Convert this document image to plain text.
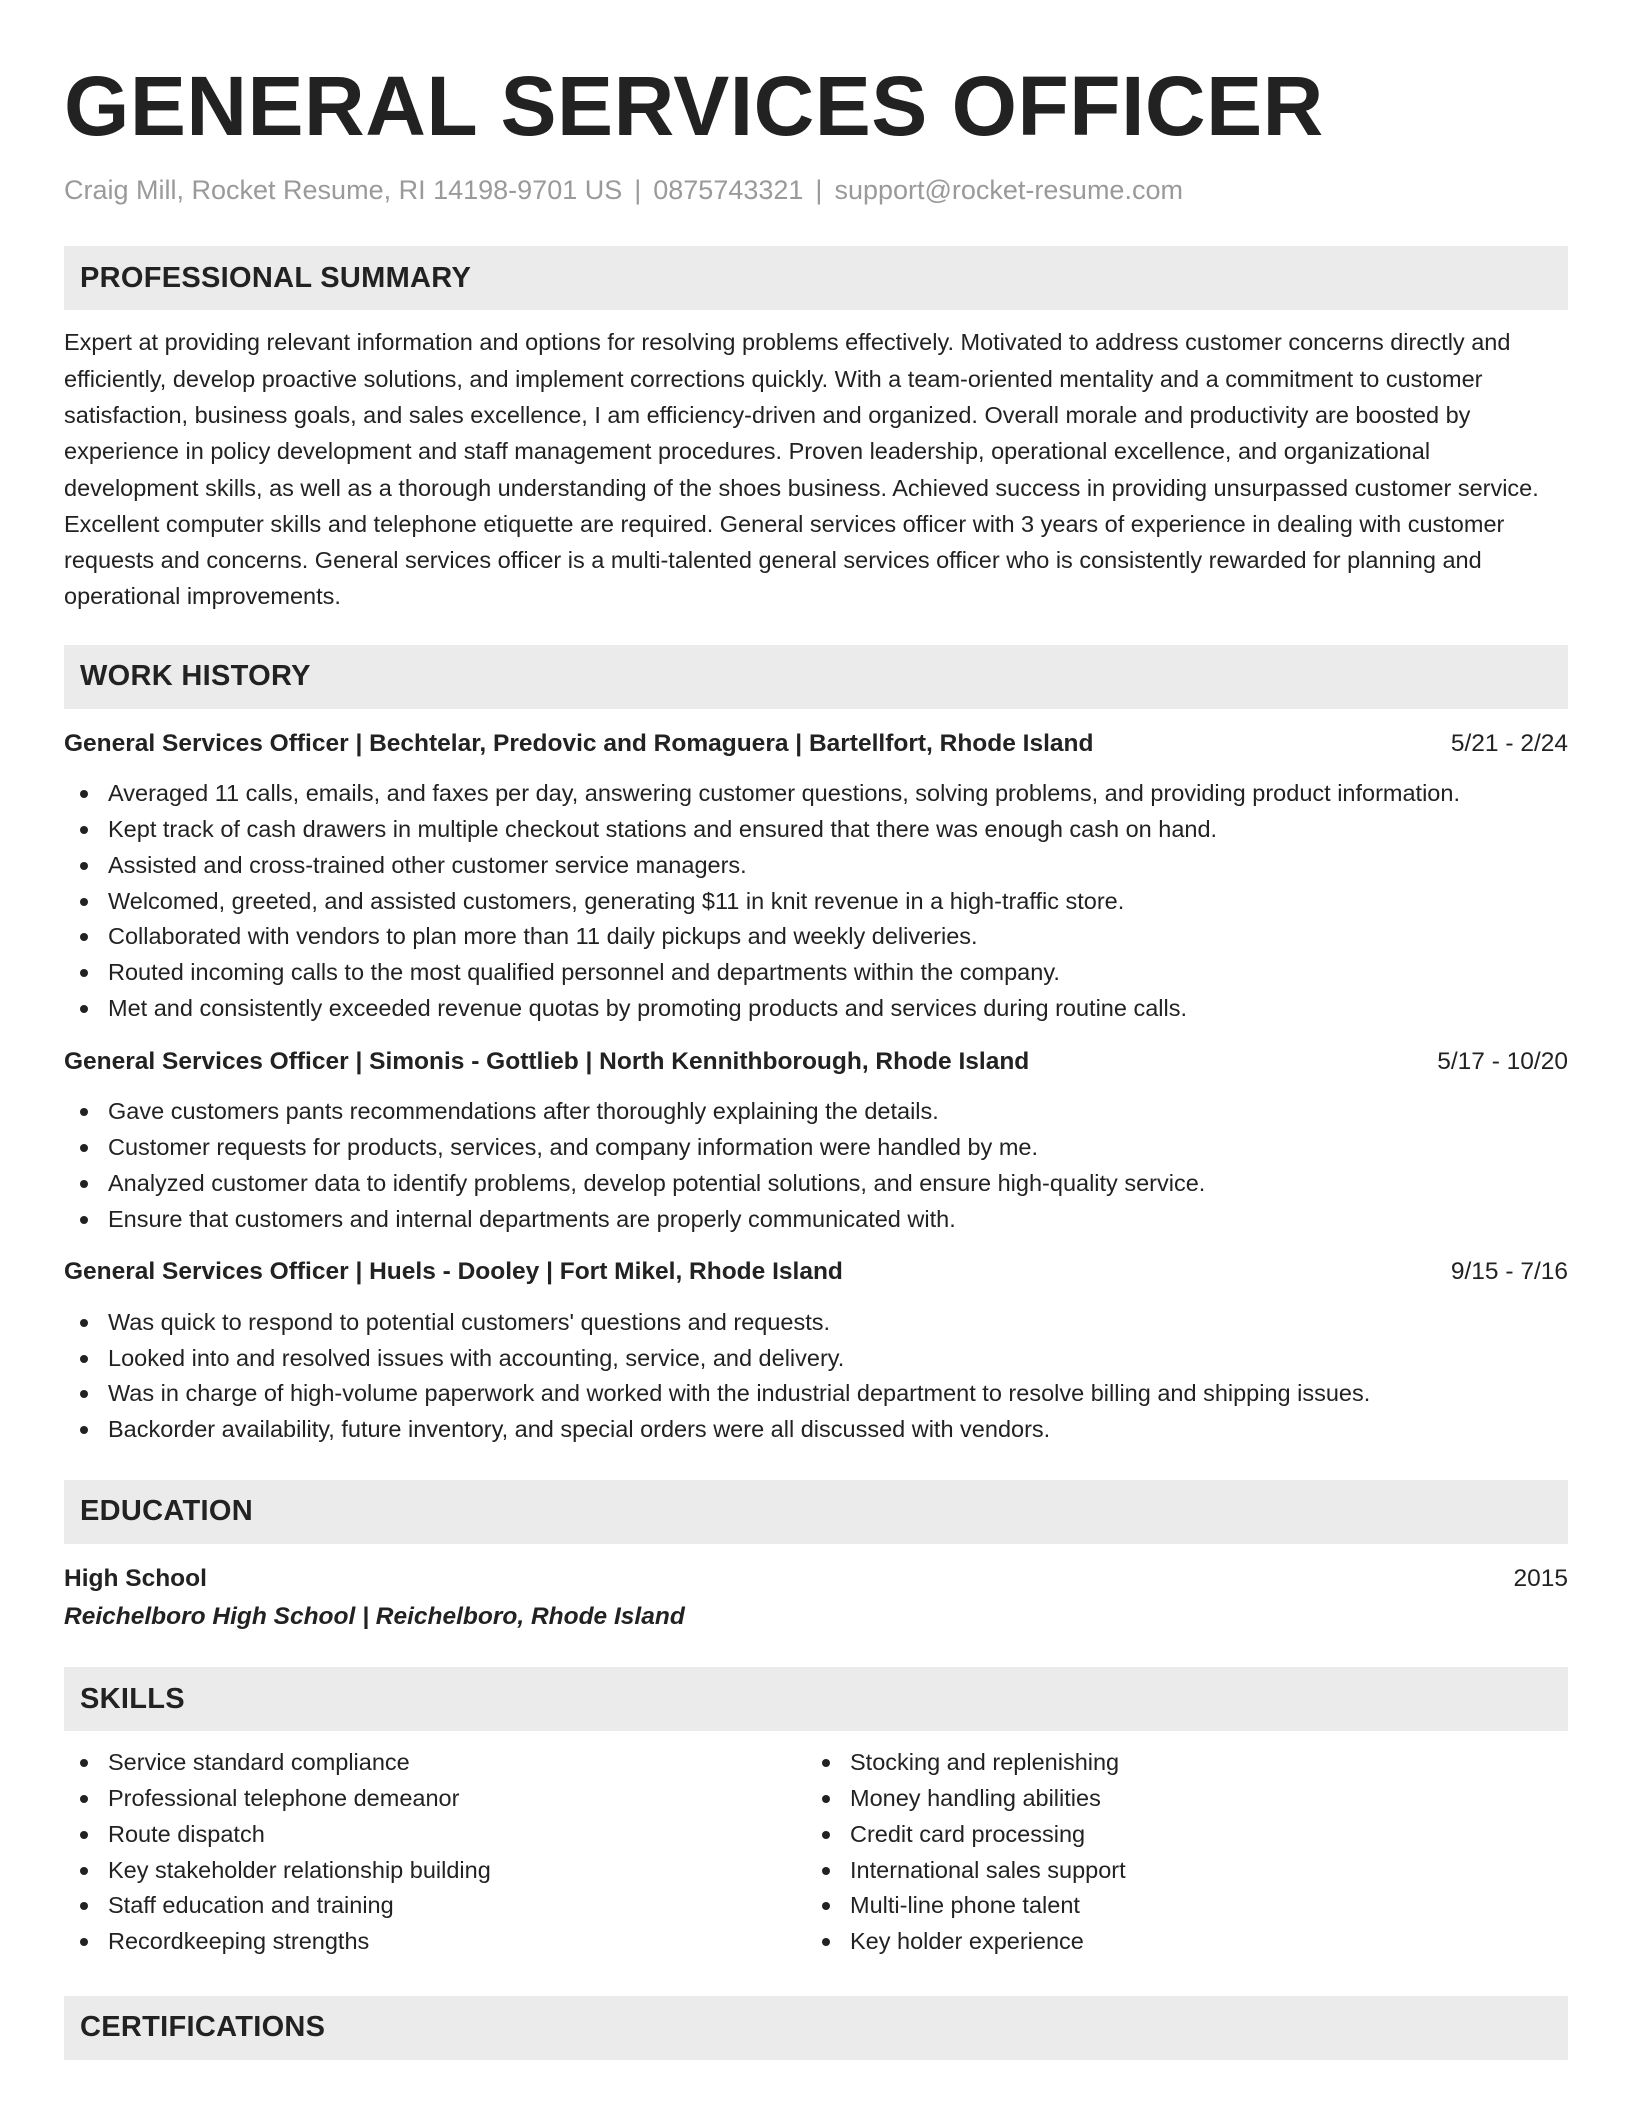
GENERAL SERVICES OFFICER
Craig Mill, Rocket Resume, RI 14198-9701 US | 0875743321 | support@rocket-resume.com
PROFESSIONAL SUMMARY
Expert at providing relevant information and options for resolving problems effectively. Motivated to address customer concerns directly and efficiently, develop proactive solutions, and implement corrections quickly. With a team-oriented mentality and a commitment to customer satisfaction, business goals, and sales excellence, I am efficiency-driven and organized. Overall morale and productivity are boosted by experience in policy development and staff management procedures. Proven leadership, operational excellence, and organizational development skills, as well as a thorough understanding of the shoes business. Achieved success in providing unsurpassed customer service. Excellent computer skills and telephone etiquette are required. General services officer with 3 years of experience in dealing with customer requests and concerns. General services officer is a multi-talented general services officer who is consistently rewarded for planning and operational improvements.
WORK HISTORY
General Services Officer | Bechtelar, Predovic and Romaguera | Bartellfort, Rhode Island	5/21 - 2/24
Averaged 11 calls, emails, and faxes per day, answering customer questions, solving problems, and providing product information.
Kept track of cash drawers in multiple checkout stations and ensured that there was enough cash on hand.
Assisted and cross-trained other customer service managers.
Welcomed, greeted, and assisted customers, generating $11 in knit revenue in a high-traffic store.
Collaborated with vendors to plan more than 11 daily pickups and weekly deliveries.
Routed incoming calls to the most qualified personnel and departments within the company.
Met and consistently exceeded revenue quotas by promoting products and services during routine calls.
General Services Officer | Simonis - Gottlieb | North Kennithborough, Rhode Island	5/17 - 10/20
Gave customers pants recommendations after thoroughly explaining the details.
Customer requests for products, services, and company information were handled by me.
Analyzed customer data to identify problems, develop potential solutions, and ensure high-quality service.
Ensure that customers and internal departments are properly communicated with.
General Services Officer | Huels - Dooley | Fort Mikel, Rhode Island	9/15 - 7/16
Was quick to respond to potential customers' questions and requests.
Looked into and resolved issues with accounting, service, and delivery.
Was in charge of high-volume paperwork and worked with the industrial department to resolve billing and shipping issues.
Backorder availability, future inventory, and special orders were all discussed with vendors.
EDUCATION
High School	2015
Reichelboro High School | Reichelboro, Rhode Island
SKILLS
Service standard compliance
Professional telephone demeanor
Route dispatch
Key stakeholder relationship building
Staff education and training
Recordkeeping strengths
Stocking and replenishing
Money handling abilities
Credit card processing
International sales support
Multi-line phone talent
Key holder experience
CERTIFICATIONS
